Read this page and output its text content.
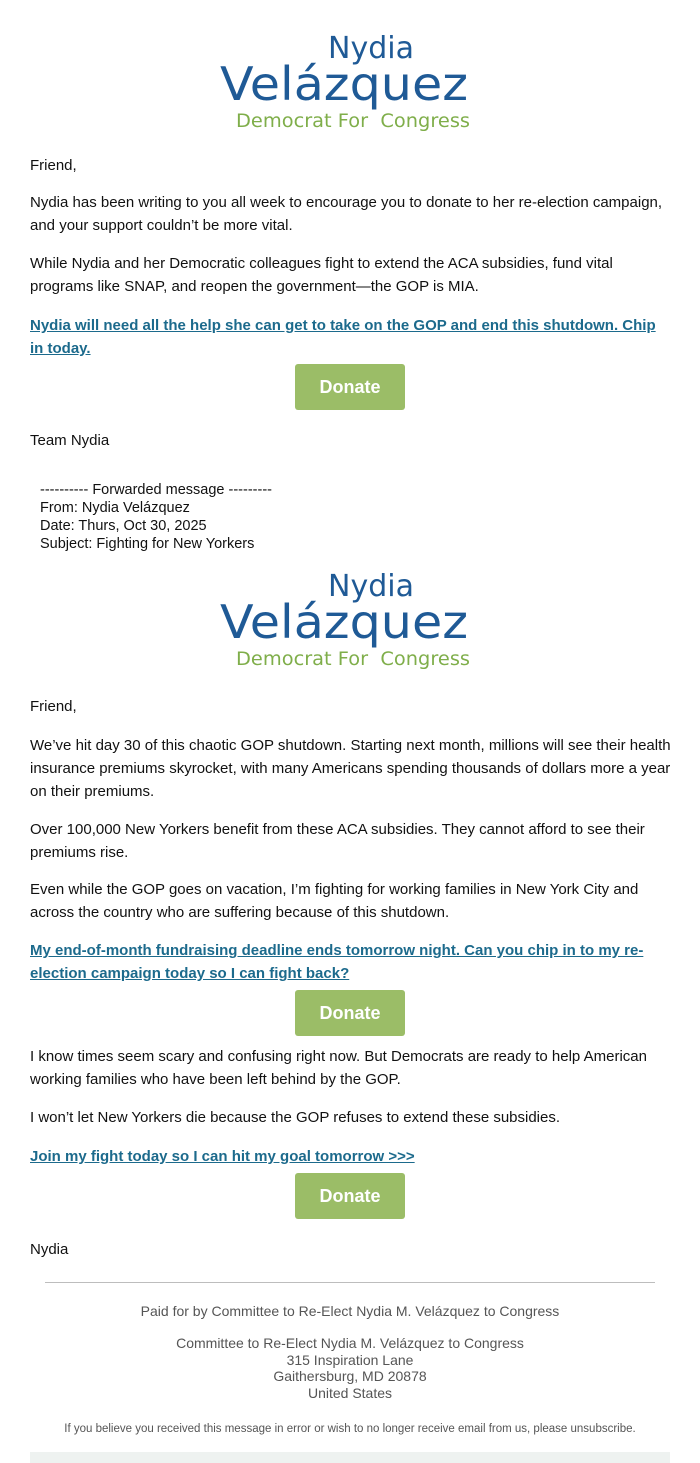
Nydia
Velázquez
Democrat For  Congress
Friend,
Nydia has been writing to you all week to encourage you to donate to her re-election campaign, and your support couldn’t be more vital.
While Nydia and her Democratic colleagues fight to extend the ACA subsidies, fund vital programs like SNAP, and reopen the government—the GOP is MIA.
Nydia will need all the help she can get to take on the GOP and end this shutdown. Chip in today.
Donate
Team Nydia
---------- Forwarded message ---------
From: Nydia Velázquez
Date: Thurs, Oct 30, 2025
Subject: Fighting for New Yorkers
Nydia
Velázquez
Democrat For  Congress
Friend,
We’ve hit day 30 of this chaotic GOP shutdown. Starting next month, millions will see their health insurance premiums skyrocket, with many Americans spending thousands of dollars more a year on their premiums.
Over 100,000 New Yorkers benefit from these ACA subsidies. They cannot afford to see their premiums rise.
Even while the GOP goes on vacation, I’m fighting for working families in New York City and across the country who are suffering because of this shutdown.
My end-of-month fundraising deadline ends tomorrow night. Can you chip in to my re-election campaign today so I can fight back?
Donate
I know times seem scary and confusing right now. But Democrats are ready to help American working families who have been left behind by the GOP.
I won’t let New Yorkers die because the GOP refuses to extend these subsidies.
Join my fight today so I can hit my goal tomorrow >>>
Donate
Nydia
Paid for by Committee to Re-Elect Nydia M. Velázquez to Congress
Committee to Re-Elect Nydia M. Velázquez to Congress
315 Inspiration Lane
Gaithersburg, MD 20878
United States
If you believe you received this message in error or wish to no longer receive email from us, please unsubscribe.
